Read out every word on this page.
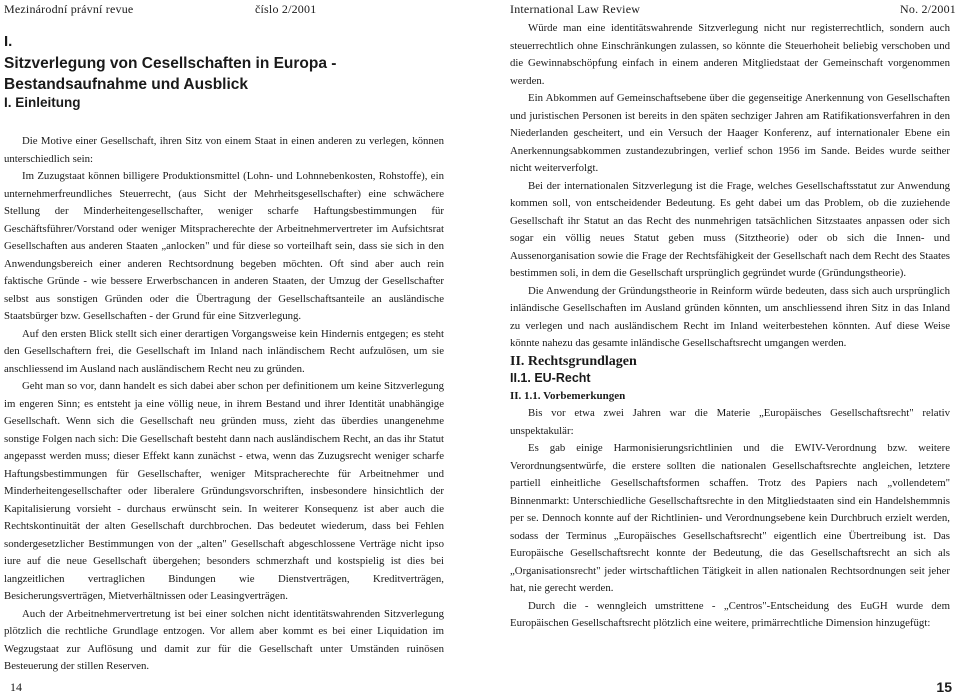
Mezinárodní právní revue	číslo 2/2001
I.
Sitzverlegung von Cesellschaften in Europa - Bestandsaufnahme und Ausblick
I. Einleitung

Die Motive einer Gesellschaft, ihren Sitz von einem Staat in einen anderen zu verlegen, können unterschiedlich sein:

Im Zuzugstaat können billigere Produktionsmittel (Lohn- und Lohnnebenkosten, Rohstoffe), ein unternehmerfreundliches Steuerrecht, (aus Sicht der Mehrheitsgesellschafter) eine schwächere Stellung der Minderheitengesellschafter, weniger scharfe Haftungsbestimmungen für Geschäftsführer/Vorstand oder weniger Mitspracherechte der Arbeitnehmervertreter im Aufsichtsrat Gesellschaften aus anderen Staaten „anlocken" und für diese so vorteilhaft sein, dass sie sich in den Anwendungsbereich einer anderen Rechtsordnung begeben möchten. Oft sind aber auch rein faktische Gründe - wie bessere Erwerbschancen in anderen Staaten, der Umzug der Gesellschafter selbst aus sonstigen Gründen oder die Übertragung der Gesellschaftsanteile an ausländische Staatsbürger bzw. Gesellschaften - der Grund für eine Sitzverlegung.

Auf den ersten Blick stellt sich einer derartigen Vorgangsweise kein Hindernis entgegen; es steht den Gesellschaftern frei, die Gesellschaft im Inland nach inländischem Recht aufzulösen, um sie anschliessend im Ausland nach ausländischem Recht neu zu gründen.

Geht man so vor, dann handelt es sich dabei aber schon per definitionem um keine Sitzverlegung im engeren Sinn; es entsteht ja eine völlig neue, in ihrem Bestand und ihrer Identität unabhängige Gesellschaft. Wenn sich die Gesellschaft neu gründen muss, zieht das überdies unangenehme sonstige Folgen nach sich: Die Gesellschaft besteht dann nach ausländischem Recht, an das ihr Statut angepasst werden muss; dieser Effekt kann zunächst - etwa, wenn das Zuzugsrecht weniger scharfe Haftungsbestimmungen für Gesellschafter, weniger Mitspracherechte für Arbeitnehmer und Minderheitengesellschafter oder liberalere Gründungsvorschriften, insbesondere hinsichtlich der Kapitalisierung vorsieht - durchaus erwünscht sein. In weiterer Konsequenz ist aber auch die Rechtskontinuität der alten Gesellschaft durchbrochen. Das bedeutet wiederum, dass bei Fehlen sondergesetzlicher Bestimmungen von der „alten" Gesellschaft abgeschlossene Verträge nicht ipso iure auf die neue Gesellschaft übergehen; besonders schmerzhaft und kostspielig ist dies bei langzeitlichen vertraglichen Bindungen wie Dienstverträgen, Kreditverträgen, Besicherungsverträgen, Mietverhältnissen oder Leasingverträgen.

Auch der Arbeitnehmervertretung ist bei einer solchen nicht identitätswahrenden Sitzverlegung plötzlich die rechtliche Grundlage entzogen. Vor allem aber kommt es bei einer Liquidation im Wegzugstaat zur Auflösung und damit zur für die Gesellschaft unter Umständen ruinösen Besteuerung der stillen Reserven.

14
International Law Review	No. 2/2001

Würde man eine identitätswahrende Sitzverlegung nicht nur registerrechtlich, sondern auch steuerrechtlich ohne Einschränkungen zulassen, so könnte die Steuerhoheit beliebig verschoben und die Gewinnabschöpfung einfach in einem anderen Mitgliedstaat der Gemeinschaft vorgenommen werden.

Ein Abkommen auf Gemeinschaftsebene über die gegenseitige Anerkennung von Gesellschaften und juristischen Personen ist bereits in den späten sechziger Jahren am Ratifikationsverfahren in den Niederlanden gescheitert, und ein Versuch der Haager Konferenz, auf internationaler Ebene ein Anerkennungsabkommen zustandezubringen, verlief schon 1956 im Sande. Beides wurde seither nicht weiterverfolgt.

Bei der internationalen Sitzverlegung ist die Frage, welches Gesellschaftsstatut zur Anwendung kommen soll, von entscheidender Bedeutung. Es geht dabei um das Problem, ob die zuziehende Gesellschaft ihr Statut an das Recht des nunmehrigen tatsächlichen Sitzstaates anpassen oder sich sogar ein völlig neues Statut geben muss (Sitztheorie) oder ob sich die Innen- und Aussenorganisation sowie die Frage der Rechtsfähigkeit der Gesellschaft nach dem Recht des Staates bestimmen soli, in dem die Gesellschaft ursprünglich gegründet wurde (Gründungstheorie).

Die Anwendung der Gründungstheorie in Reinform würde bedeuten, dass sich auch ursprünglich inländische Gesellschaften im Ausland gründen könnten, um anschliessend ihren Sitz in das Inland zu verlegen und nach ausländischem Recht im Inland weiterbestehen könnten. Auf diese Weise könnte nahezu das gesamte inländische Gesellschaftsrecht umgangen werden.

II. Rechtsgrundlagen

II.1. EU-Recht

II. 1.1. Vorbemerkungen

Bis vor etwa zwei Jahren war die Materie „Europäisches Gesellschaftsrecht" relativ unspektakulär:

Es gab einige Harmonisierungsrichtlinien und die EWIV-Verordnung bzw. weitere Verordnungsentwürfe, die erstere sollten die nationalen Gesellschaftsrechte angleichen, letztere partiell einheitliche Gesellschaftsformen schaffen. Trotz des Papiers nach „vollendetem" Binnenmarkt: Unterschiedliche Gesellschaftsrechte in den Mitgliedstaaten sind ein Handelshemmnis per se. Dennoch konnte auf der Richtlinien- und Verordnungsebene kein Durchbruch erzielt werden, sodass der Terminus „Europäisches Gesellschaftsrecht" eigentlich eine Übertreibung ist. Das Europäische Gesellschaftsrecht konnte der Bedeutung, die das Gesellschaftsrecht an sich als „Organisationsrecht" jeder wirtschaftlichen Tätigkeit in allen nationalen Rechtsordnungen seit jeher hat, nie gerecht werden.

Durch die - wenngleich umstrittene - „Centros"-Entscheidung des EuGH wurde dem Europäischen Gesellschaftsrecht plötzlich eine weitere, primärrechtliche Dimension hinzugefügt:

15
